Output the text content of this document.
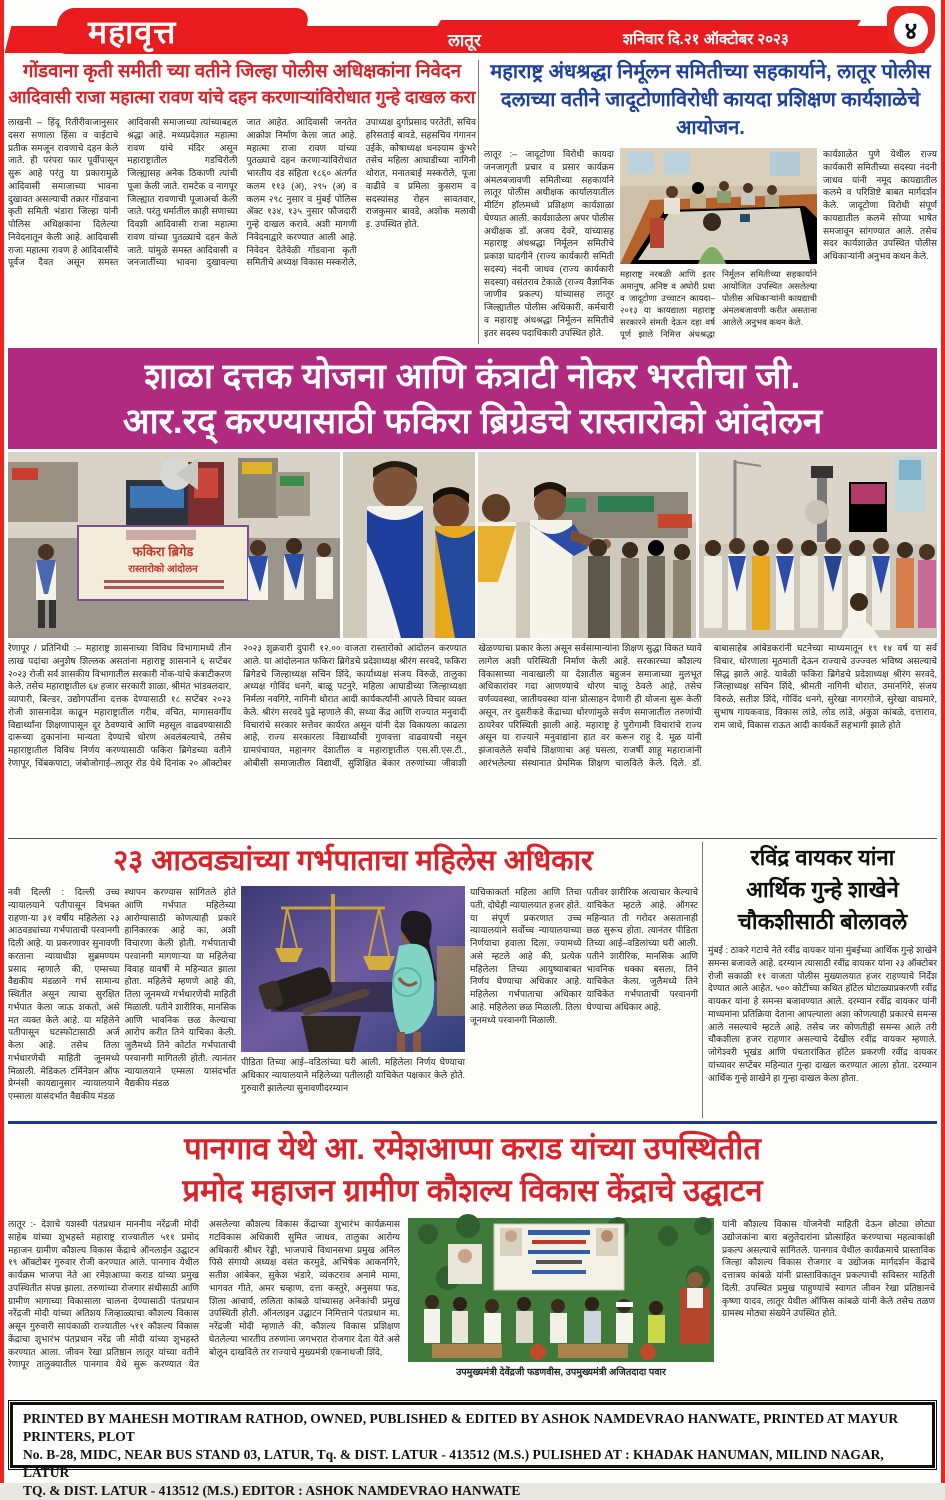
महावृत्त	लातूर	शनिवार दि.२१ ऑक्टोबर २०२३	४
गोंडवाना कृती समीती च्या वतीने जिल्हा पोलीस अधिक्षकांना निवेदन
आदिवासी राजा महात्मा रावण यांचे दहन करणाऱ्यांविरोधात गुन्हे दाखल करा
लाखनी – हिंदू रितीरीवाजानुसार दसरा सणाला हिंसा व वाईटाचे प्रतीक समजून रावणाचे दहन केले जाते. ही परंपरा फार पूर्वीपासून सुरू आहे परंतु या प्रकारामुळे आदिवासी समाजाच्या भावना दुखावत असल्याची तक्रार गोंडवाना कृती समिती भंडारा जिल्हा यांनी पोलिस अधिक्षकांना दिलेल्या निवेदनातून केली आहे. आदिवासी राजा महात्मा रावण हे आदिवासींचे पूर्वज दैवत असून समस्त आदिवासी समाजाच्या त्यांच्याबद्दल श्रद्धा आहे. मध्यप्रदेशात महात्मा रावण यांचे मंदिर असून महाराष्ट्रातील गडचिरोली जिल्ह्यासह अनेक ठिकाणी त्यांची पूजा केली जाते. रामटेक व नागपूर जिल्ह्यात रावणाची पूजाअर्चा केली जाते. परंतु धर्मातील काही सणाच्या दिवशी आदिवासी राजा महात्मा रावण यांच्या पुतळ्याचे दहन केले जाते. यांमुळे समस्त आदिवासी व जनजातींच्या भावना दुखावल्या जात आहेत. आदिवासी जनतेत आक्रोश निर्माण केला जात आहे. महात्मा राजा रावण यांच्या पुतळ्याचे दहन करणाऱ्यांविरोधात भारतीय दंड संहिता १८६० अंतर्गत कलम ११३ (अ), २९५ (अ) व कलम २९८ नुसार व मुंबई पोलिस ॲक्ट १३४, १३५ नुसार फौजदारी गुन्हे दाखल करावे. अशी मागणी निवेदनाद्वारे करण्यात आली आहे. निवेदन देतेवेळी गोंडवाना कृती समितीचे अध्यक्ष विकास मस्करोले, उपाध्यक्ष दुर्गाप्रसाद परतेती, सचिव हरिसताई बावडे, सहसचिव गंगानन उईके, कोषाध्यक्ष धनश्याम कुंभरे तसेच महिला आघाडीच्या नागिनी थोरात, मनातबाई मस्करोले, पूजा वाढीवे व प्रमिला कुसराम व सदस्यांसह रोहन सावतवार, राजकुमार बावडे, अशोक मलावी इ. उपस्थित होते.
महाराष्ट्र अंधश्रद्धा निर्मूलन समितीच्या सहकार्याने, लातूर पोलीस
दलाच्या वतीने जादूटोणाविरोधी कायदा प्रशिक्षण कार्यशाळेचे आयोजन.
लातूर :– जादूटोणा विरोधी कायदा जनजागृती प्रचार व प्रसार कार्यक्रम अंमलबजावणी समितीच्या सहकार्याने लातूर पोलीस अधीक्षक कार्यालयातील मीटिंग हॉलमध्ये प्रशिक्षण कार्यशाळा घेण्यात आली. कार्यशाळेला अपर पोलीस अधीक्षक डॉ. अजय देवरे, यांच्यासह महाराष्ट्र अंधश्रद्धा निर्मूलन समितीचे प्रकाश घादगीने (राज्य कार्यकारी समिती सदस्य) नंदनी जाधव (राज्य कार्यकारी सदस्या) वसंतराव टेकाळे (राज्य वैज्ञानिक जाणीव प्रकल्प) यांच्यासह लातूर जिल्ह्यातील पोलीस अधिकारी, कर्मचारी व महाराष्ट्र अंधश्रद्धा निर्मूलन समितीचे इतर सदस्य पदाधिकारी उपस्थित होते.
महाराष्ट्र नरबळी आणि इतर अमानुष, अनिष्ट व अघोरी प्रथा व जादूटोणा उच्चाटन कायदा– २०१३ या कायद्याला महाराष्ट्र सरकारने संमती देऊन दहा वर्ष पूर्ण झाले निमित्त अंधश्रद्धा निर्मूलन समितीच्या सहकार्याने आयोजित उपस्थित असलेल्या पोलीस अधिकाऱ्यांनी कायद्याची अंमलबजावणी करीत असताना आलेले अनुभव कथन केले.
कार्यशाळेत पुणे येथील राज्य कार्यकारी समितीच्या सदस्या नंदनी जाधव यांनी नमूद कायद्यातील कलमे व परिशिष्टे बाबत मार्गदर्शन केले. जादूटोणा विरोधी संपूर्ण कायद्यातील कलमे सोप्या भाषेत समजावून सांगण्यात आले. तसेच सदर कार्यशाळेत उपस्थित पोलीस अधिकाऱ्यांनी अनुभव कथन केले.
शाळा दत्तक योजना आणि कंत्राटी नोकर भरतीचा जी.
आर.रद् करण्यासाठी फकिरा ब्रिग्रेडचे रास्तारोको आंदोलन
फकिरा ब्रिगेड
रास्तारोको आंदोलन
रेणापूर / प्रतिनिधी :– महाराष्ट्र शासनाच्या विविध विभागामध्ये तीन लाख पदांचा अनुशेष शिल्लक असतांना महाराष्ट्र शासनाने ६ सप्टेंबर २०२३ रोजी सर्व शासकीय विभागातील सरकारी नोक-यांचे कंत्राटीकरण केले, तसेच महाराष्ट्रातील ६४ हजार सरकारी शाळा, श्रीमंत भांडवलदार, व्यापारी, बिल्डर, उद्योगपतींना दत्तक देण्यासाठी १८ सप्टेंबर २०२३ रोजी शासनादेश काढून महाराष्ट्रातील गरीब, वंचित, मागासवर्गीय विद्यार्थ्यांना शिक्षणापासून दूर ठेवण्याचे आणि महसूल वाढवण्यासाठी दारूच्या दुकानांना मान्यता देण्याचे धोरण अवलंबल्याचे, तसेच महाराष्ट्रातील विविध निर्णय करण्यासाठी फकिरा ब्रिगेडच्या वतीने रेणापूर, चिंबकपाटा, जंबोजोगाई–लातूर रोड येथे दिनांक २० ऑक्टोबर २०२३ शुक्रवारी दुपारी १२.०० वाजता रास्तारोको आंदोलन करण्यात आले. या आंदोलनात फकिरा ब्रिगेडचे प्रदेशाध्यक्ष श्रीरंग सरवदे, फकिरा ब्रिगेडचे जिल्हाध्यक्ष सचिन शिंदे, कार्याध्यक्ष संजय विरुळे, तालुका अध्यक्ष गोविंद धनगे, बाळू पटनुरे, महिला आघाडीच्या जिल्हाध्यक्षा निर्मला नवगिरे, नागिनी थोरात आदी कार्यकर्त्यांनी आपले विचार व्यक्त केले. श्रीरंग सरवदे पुढे म्हणाले की, सध्या केंद्र आणि राज्यात मनुवादी विचारांचे सरकार सत्तेवर कार्यरत असून यांनी देश विकायला काढला आहे, राज्य सरकारला विद्यार्थ्यांची गुणवत्ता वाढवायची नसून ग्रामपंचायत, महानगर देशातील व महाराष्ट्रातील एस.सी.एस.टी., ओबीसी समाजातील विद्यार्थी, सुशिक्षित बेकार तरुणांच्या जीवाशी खेळण्याचा प्रकार केला असून सर्वसामान्यांना शिक्षण सुद्धा विकत घ्यावे लागेल अशी परिस्थिती निर्माण केली आहे. सरकारच्या कौशल्य विकासाच्या नावाखाली या देशातील बहुजन समाजाच्या मुलभूत अधिकारांवर गदा आणण्याचे धोरण चालू ठेवले आहे, तसेच वर्णव्यवस्था, जातीयवस्था यांना प्रोत्साहन देणारी ही योजना सुरू केली असून, तर दुसरीकडे केंद्राच्या धोरणांमुळे सर्वण समाजातील तरुणांची ठायरेवर परिस्थिती झाली आहे. महाराष्ट्र हे पुरोगामी विचारांचे राज्य असून या राज्याने मनुवाद्यांना हात वर करून राहू दे. मूळ यांनी झंजावलेले सर्वांचे शिक्षणाचा अहं घसला, राजर्षी शाहू महाराजांनी आरंभलेल्या संस्थानात प्रेममिक शिक्षण चालविले केले. दिले. डॉ. बाबासाहेब आंबेडकरांनी घटनेच्या माध्यमातून १९ १४ वर्ष या सर्व विचार, धोरणाला मूठमाती देऊन राज्याचे उज्ज्वल भविष्य असल्याचे सिद्ध झाले आहे. यावेळी फकिरा ब्रिगेडचे प्रदेशाध्यक्ष श्रीरंग सरवदे, जिल्हाध्यक्ष सचिन शिंदे, श्रीमती नागिनी थोरात, उमानगिरे, संजय विरुळे, सतीश शिंदे, गोविंद धनगे, सुरेखा नागरगोजे, सुरेखा वाघमारे, सुभाष गायकवाड, विकास लांडे, लोड लांडे, अंकुश कांबळे, दत्ताराव, राम जाधे, विकास राऊत आदी कार्यकर्ते सहभागी झाले होते
२३ आठवड्यांच्या गर्भपाताचा महिलेस अधिकार
नवी दिल्ली : दिल्ली उच्च न्यायालयाने पतीपासून विभक्त राहणा-या ३१ वर्षीय महिलेला २३ आठवड्यांच्या गर्भपाताची परवानगी दिली आहे. या प्रकरणावर सुनावणी करताना न्यायाधीश सुब्रमण्यम प्रसाद म्हणाले की, एम्सच्या वैद्यकीय मंडळाने गर्भ सामान्य स्थितीत असून त्याचा सुरक्षित गर्भपात केला जाऊ शकतो, असे मत व्यक्त केले आहे. या महिलेने पतीपासून घटस्फोटासाठी अर्ज केला आहे. तसेच तिला गर्भधारणेची माहिती जूनमध्ये मिळाली. मेडिकल टर्मिनेशन ऑफ प्रेग्नंसी कायद्यानुसार न्यायालयाने एम्साला यासंदर्भात वैद्यकीय मंडळ
स्थापन करण्यास सांगितले होते आणि गर्भपात महिलेच्या आरोग्यासाठी कोणत्याही प्रकारे हानिकारक आहे का, अशी विचारणा केली होती. गर्भपाताची परवानगी मागणाऱ्या या महिलेचा विवाह यावर्षी मे महिन्यात झाला होता. महिलेचे म्हणणे आहे की, तिला जूनमध्ये गर्भधारणेची माहिती मिळाली. पतीने शारीरिक, मानसिक आणि भावनिक छळ केल्याचा आरोप करीत तिने याचिका केली. जुलैमध्ये तिने कोर्टात गर्भपाताची परवानगी मागितली होती. त्यानंतर न्यायालयाने एम्सला यासंदर्भात वैद्यकीय मंडळ
पीडिता तिच्या आई–वडिलांच्या घरी आली. महिलेला निर्णय घेण्याचा अधिकार न्यायालयाने महिलेच्या पतीलाही याचिकेत पक्षकार केले होते. गुरुवारी झालेल्या सुनावणीदरम्यान
याचिकाकर्ता महिला आणि तिचा पती, दोघेही न्यायालयात हजर होते. या संपूर्ण प्रकरणात उच्च न्यायालयाने सर्वोच्च न्यायालयाच्या निर्णयाचा हवाला दिला, ज्यामध्ये असे म्हटले आहे की, प्रत्येक महिलेला तिच्या आयुष्याबाबत निर्णय घेण्याचा अधिकार आहे. महिलेला गर्भपाताचा अधिकार आहे. महिलेला छळ मिळाली. तिला जूनमध्ये परवानगी मिळाली.
पतीवर शारीरिक अत्याचार केल्याचे याचिकेत म्हटले आहे. ऑगस्ट महिन्यात ती गरोदर असतानाही छळ सुरूच होता. त्यानंतर पीडिता तिच्या आई–वडिलांच्या घरी आली. पतीने शारीरिक, मानसिक आणि भावनिक धक्का बसला, तिने याचिकेत केला. जुलैमध्ये तिने याचिकेत गर्भपाताची परवानगी घेण्याचा अधिकार आहे.
रविंद्र वायकर यांना
आर्थिक गुन्हे शाखेने
चौकशीसाठी बोलावले
मुंबई : ठाकरे गटाचे नेते रवींद्र वायकर यांना मुंबईच्या आर्थिक गुन्हे शाखेने समन्स बजावले आहे. दरम्यान त्यासाठी रवींद्र वायकर यांना २३ ऑक्टोबर रोजी सकाळी ११ वाजता पोलीस मुख्यालयात हजर राहण्याचे निर्देश देण्यात आले आहेत. ५०० कोटींच्या कथित हॉटेल घोटाळ्याप्रकरणी रवींद्र वायकर यांना हे समन्स बजावण्यात आले. दरम्यान रवींद्र वायकर यांनी माध्यमांना प्रतिक्रिया देताना आपल्याला अशा कोणत्याही प्रकारचे समन्स आले नसल्याचे म्हटले आहे. तसेच जर कोणतीही समन्स आले तरी चौकशीला हजर राहणार असल्याचे देखील रवींद्र वायकर म्हणाले. जोगेश्वरी भूखंड आणि पंचतारांकित हॉटेल प्रकरणी रवींद्र वायकर यांच्यावर सप्टेंबर महिन्यात गुन्हा दाखल करण्यात आला होता. दरम्यान आर्थिक गुन्हे शाखेने हा गुन्हा दाखल केला होता.
पानगाव येथे आ. रमेशआप्पा कराड यांच्या उपस्थितीत
प्रमोद महाजन ग्रामीण कौशल्य विकास केंद्राचे उद्घाटन
लातूर :- देशाचे यशस्वी पंतप्रधान माननीय नरेंद्रजी मोदी साहेब यांच्या शुभहस्ते महाराष्ट्र राज्यातील ५११ प्रमोद महाजन ग्रामीण कौशल्य विकास केंद्राचे ऑनलाईन उद्घाटन १९ ऑक्टोबर गुरुवार रोजी करण्यात आले. पानगाव येथील कार्यक्रम भाजपा नेते आ रमेशआप्पा कराड यांच्या प्रमुख उपस्थितीत संपन्न झाला. तरुणांच्या रोजगार संधीसाठी आणि ग्रामीण भागाच्या विकासाला चालना देण्यासाठी पंतप्रधान नरेंद्रजी मोदी यांच्या अतिशय जिव्हाळ्याचा कौशल्य विकास असून गुरुवारी सायंकाळी राज्यातील ५११ कौशल्य विकास केंद्राचा शुभारंभ पंतप्रधान नरेंद्र जी मोदी यांच्या शुभहस्ते करण्यात आला. जीवन रेखा प्रतिष्ठान लातूर यांच्या वतीने रेणापूर तालुक्यातील पानगाव येथे सुरू करण्यात येत असलेल्या कौशल्य विकास केंद्राच्या शुभारंभ कार्यक्रमास गटविकास अधिकारी सुमित जाधव, तालुका आरोग्य अधिकारी श्रीधर रेड्डी, भाजपाचे विधानसभा प्रमुख अनिल पिसे संगायो अध्यक्ष वसंत करमुडे, अभिषेक आकनगिरे, सतीश आंबेकर, सुकेश भंडारे, व्यंकटराव अनामे मामा, भागवत गीते, अमर चव्हाण, दत्ता कस्तुरे, अनुसया फड, शिला आचार्य, ललिता कांबळे यांच्यासह अनेकांची प्रमुख उपस्थिती होती. ऑनलाइन उद्घाटन निमित्ताने पंतप्रधान मा. नरेंद्रजी मोदी म्हणाले की, कौशल्य विकास प्रशिक्षण घेतलेल्या भारतीय तरुणांना जगभरात रोजगार देता येते असे बोलून दाखविले तर राज्याचे मुख्यमंत्री एकनाथजी शिंदे,
उपमुख्यमंत्री देवेंद्रजी फडणवीस, उपमुख्यमंत्री अजितदादा पवार
यांनी कौशल्य विकास योजनेची माहिती देऊन छोट्या छोट्या उद्योजकांना बारा बलुतेदारांना प्रोत्साहित करण्याचा महत्वाकांक्षी प्रकल्प असल्याचे सांगितले. पानगाव येथील कार्यक्रमाचे प्रास्ताविक जिल्हा कौशल्य विकास रोजगार व उद्योजक मार्गदर्शन केंद्राचे दत्तात्रय कांबळे यांनी प्रास्ताविकातून प्रकल्पाची सविस्तर माहिती दिली. उपस्थित प्रमुख पाहुण्यांचे स्वागत जीवन रेखा प्रतिष्ठानचे कृष्णा यादव, लातूर येथील ऑफिस कांबळे यांनी केले तसेच तळण ग्रामस्थ मोठ्या संख्येने उपस्थित होते.
PRINTED BY MAHESH MOTIRAM RATHOD, OWNED, PUBLISHED & EDITED BY ASHOK NAMDEVRAO HANWATE, PRINTED AT MAYUR PRINTERS, PLOT
No. B-28, MIDC, NEAR BUS STAND 03, LATUR, Tq. & DIST. LATUR - 413512 (M.S.) PULISHED AT : KHADAK HANUMAN, MILIND NAGAR, LATUR
TQ. & DIST. LATUR - 413512 (M.S.) EDITOR : ASHOK NAMDEVRAO HANWATE
